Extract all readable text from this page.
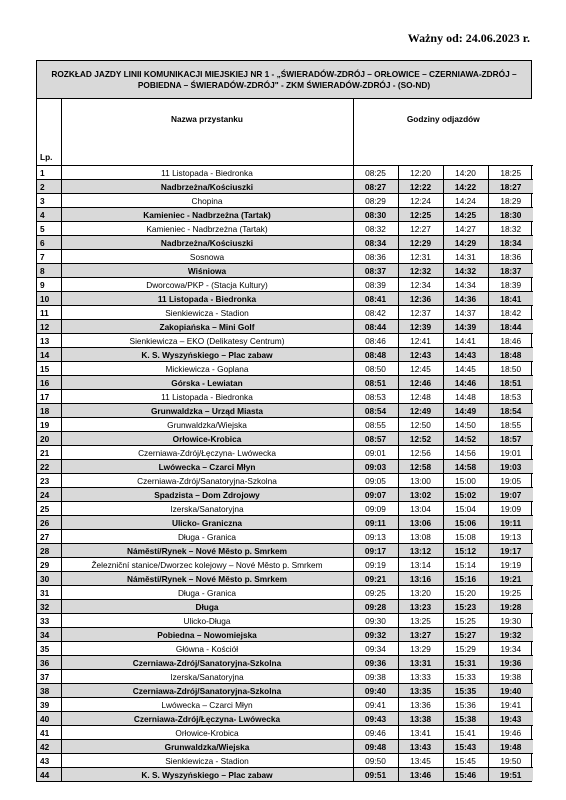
Ważny od: 24.06.2023 r.
ROZKŁAD JAZDY LINII KOMUNIKACJI MIEJSKIEJ NR 1 - „ŚWIERADÓW-ZDRÓJ – ORŁOWICE – CZERNIAWA-ZDRÓJ – POBIEDNA – ŚWIERADÓW-ZDRÓJ" - ZKM ŚWIERADÓW-ZDRÓJ - (SO-ND)
Lp.	Nazwa przystanku	Godziny odjazdów			
1	11 Listopada - Biedronka	08:25	12:20	14:20	18:25
2	Nadbrzeżna/Kościuszki	08:27	12:22	14:22	18:27
3	Chopina	08:29	12:24	14:24	18:29
4	Kamieniec - Nadbrzeżna (Tartak)	08:30	12:25	14:25	18:30
5	Kamieniec - Nadbrzeżna (Tartak)	08:32	12:27	14:27	18:32
6	Nadbrzeżna/Kościuszki	08:34	12:29	14:29	18:34
7	Sosnowa	08:36	12:31	14:31	18:36
8	Wiśniowa	08:37	12:32	14:32	18:37
9	Dworcowa/PKP - (Stacja Kultury)	08:39	12:34	14:34	18:39
10	11 Listopada - Biedronka	08:41	12:36	14:36	18:41
11	Sienkiewicza - Stadion	08:42	12:37	14:37	18:42
12	Zakopiańska – Mini Golf	08:44	12:39	14:39	18:44
13	Sienkiewicza – EKO (Delikatesy Centrum)	08:46	12:41	14:41	18:46
14	K. S. Wyszyńskiego – Plac zabaw	08:48	12:43	14:43	18:48
15	Mickiewicza - Goplana	08:50	12:45	14:45	18:50
16	Górska - Lewiatan	08:51	12:46	14:46	18:51
17	11 Listopada - Biedronka	08:53	12:48	14:48	18:53
18	Grunwaldzka – Urząd Miasta	08:54	12:49	14:49	18:54
19	Grunwaldzka/Wiejska	08:55	12:50	14:50	18:55
20	Orłowice-Krobica	08:57	12:52	14:52	18:57
21	Czerniawa-Zdrój/Łęczyna- Lwówecka	09:01	12:56	14:56	19:01
22	Lwówecka – Czarci Młyn	09:03	12:58	14:58	19:03
23	Czerniawa-Zdrój/Sanatoryjna-Szkolna	09:05	13:00	15:00	19:05
24	Spadzista – Dom Zdrojowy	09:07	13:02	15:02	19:07
25	Izerska/Sanatoryjna	09:09	13:04	15:04	19:09
26	Ulicko- Graniczna	09:11	13:06	15:06	19:11
27	Długa - Granica	09:13	13:08	15:08	19:13
28	Náměstí/Rynek – Nové Město p. Smrkem	09:17	13:12	15:12	19:17
29	Železniční stanice/Dworzec kolejowy – Nové Město p. Smrkem	09:19	13:14	15:14	19:19
30	Náměstí/Rynek – Nové Město p. Smrkem	09:21	13:16	15:16	19:21
31	Długa - Granica	09:25	13:20	15:20	19:25
32	Długa	09:28	13:23	15:23	19:28
33	Ulicko-Długa	09:30	13:25	15:25	19:30
34	Pobiedna – Nowomiejska	09:32	13:27	15:27	19:32
35	Główna - Kościół	09:34	13:29	15:29	19:34
36	Czerniawa-Zdrój/Sanatoryjna-Szkolna	09:36	13:31	15:31	19:36
37	Izerska/Sanatoryjna	09:38	13:33	15:33	19:38
38	Czerniawa-Zdrój/Sanatoryjna-Szkolna	09:40	13:35	15:35	19:40
39	Lwówecka – Czarci Młyn	09:41	13:36	15:36	19:41
40	Czerniawa-Zdrój/Łęczyna- Lwówecka	09:43	13:38	15:38	19:43
41	Orłowice-Krobica	09:46	13:41	15:41	19:46
42	Grunwaldzka/Wiejska	09:48	13:43	15:43	19:48
43	Sienkiewicza - Stadion	09:50	13:45	15:45	19:50
44	K. S. Wyszyńskiego – Plac zabaw	09:51	13:46	15:46	19:51
